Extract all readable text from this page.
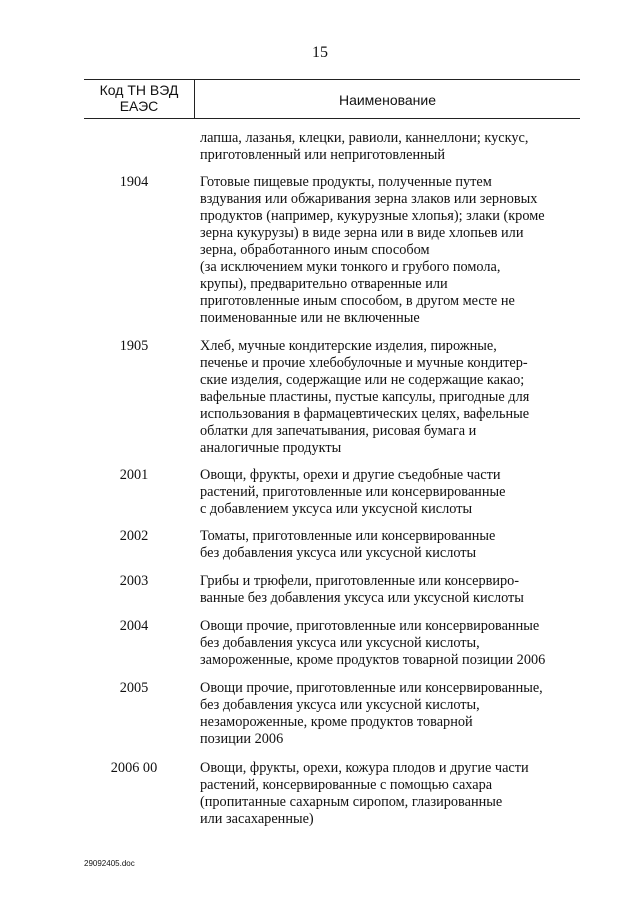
15
Код ТН ВЭД
ЕАЭС	Наименование
лапша, лазанья, клецки, равиоли, каннеллони; кускус,
приготовленный или неприготовленный
1904	Готовые пищевые продукты, полученные путем
вздувания или обжаривания зерна злаков или зерновых
продуктов (например, кукурузные хлопья); злаки (кроме
зерна кукурузы) в виде зерна или в виде хлопьев или
зерна, обработанного иным способом
(за исключением муки тонкого и грубого помола,
крупы), предварительно отваренные или
приготовленные иным способом, в другом месте не
поименованные или не включенные
1905	Хлеб, мучные кондитерские изделия, пирожные,
печенье и прочие хлебобулочные и мучные кондитер-
ские изделия, содержащие или не содержащие какао;
вафельные пластины, пустые капсулы, пригодные для
использования в фармацевтических целях, вафельные
облатки для запечатывания, рисовая бумага и
аналогичные продукты
2001	Овощи, фрукты, орехи и другие съедобные части
растений, приготовленные или консервированные
с добавлением уксуса или уксусной кислоты
2002	Томаты, приготовленные или консервированные
без добавления уксуса или уксусной кислоты
2003	Грибы и трюфели, приготовленные или консервиро-
ванные без добавления уксуса или уксусной кислоты
2004	Овощи прочие, приготовленные или консервированные
без добавления уксуса или уксусной кислоты,
замороженные, кроме продуктов товарной позиции 2006
2005	Овощи прочие, приготовленные или консервированные,
без добавления уксуса или уксусной кислоты,
незамороженные, кроме продуктов товарной
позиции 2006
2006 00	Овощи, фрукты, орехи, кожура плодов и другие части
растений, консервированные с помощью сахара
(пропитанные сахарным сиропом, глазированные
или засахаренные)
29092405.doc
